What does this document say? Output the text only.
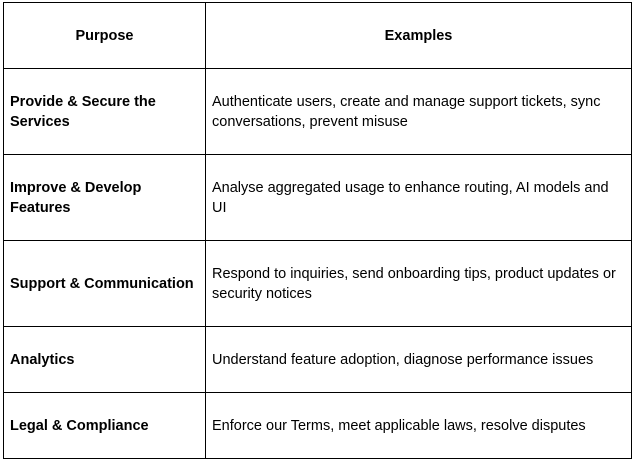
Purpose	Examples
Provide & Secure the Services	Authenticate users, create and manage support tickets, sync conversations, prevent misuse
Improve & Develop Features	Analyse aggregated usage to enhance routing, AI models and UI
Support & Communication	Respond to inquiries, send onboarding tips, product updates or security notices
Analytics	Understand feature adoption, diagnose performance issues
Legal & Compliance	Enforce our Terms, meet applicable laws, resolve disputes
